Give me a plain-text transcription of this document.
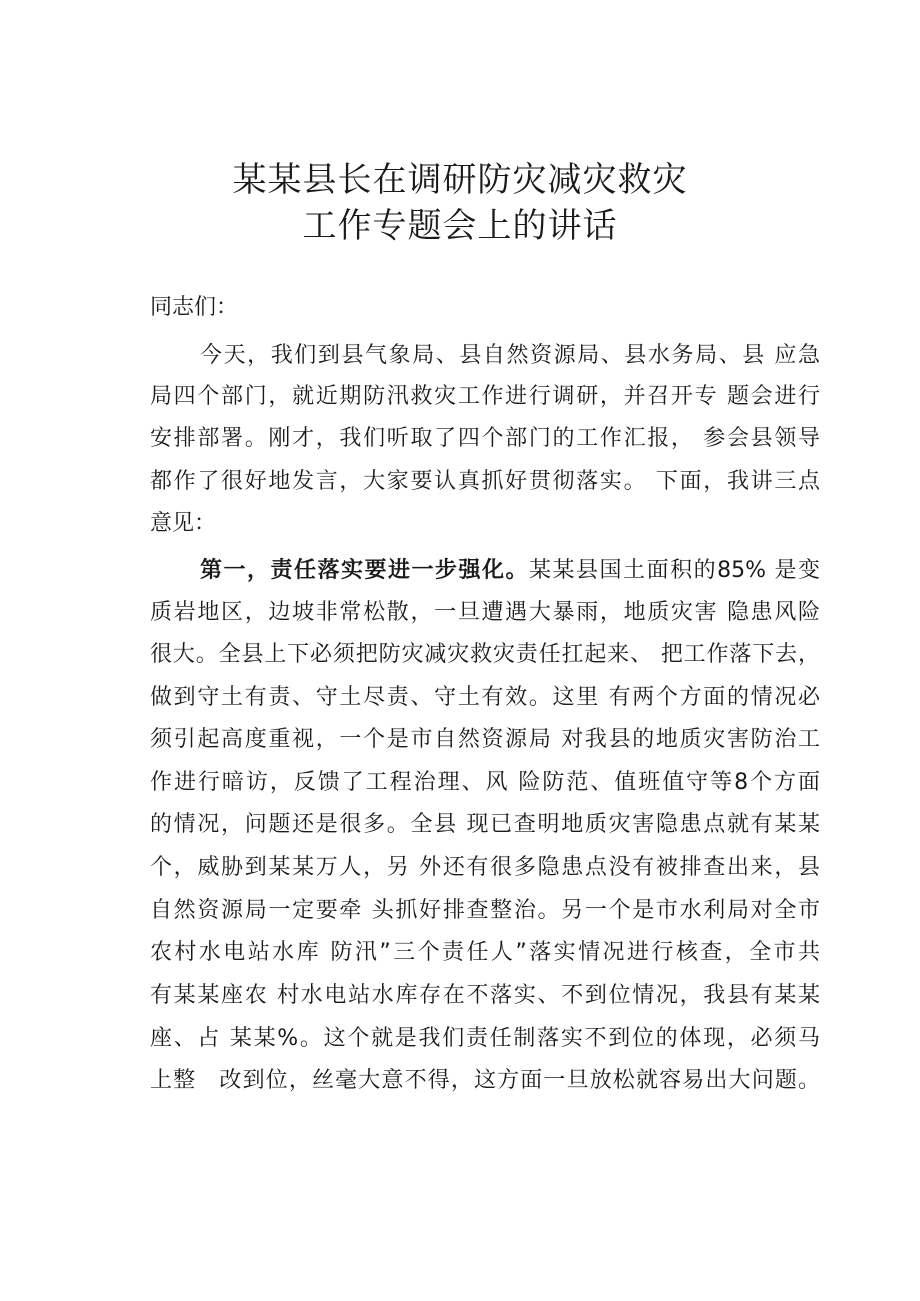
某某县长在调研防灾减灾救灾
工作专题会上的讲话
同志们：
今天，我们到县气象局、县自然资源局、县水务局、县 应急
局四个部门，就近期防汛救灾工作进行调研，并召开专 题会进行
安排部署。刚才，我们听取了四个部门的工作汇报， 参会县领导
都作了很好地发言，大家要认真抓好贯彻落实。 下面，我讲三点
意见：
第一，责任落实要进一步强化。某某县国土面积的85% 是变
质岩地区，边坡非常松散，一旦遭遇大暴雨，地质灾害 隐患风险
很大。全县上下必须把防灾减灾救灾责任扛起来、 把工作落下去，
做到守土有责、守土尽责、守土有效。这里 有两个方面的情况必
须引起高度重视，一个是市自然资源局 对我县的地质灾害防治工
作进行暗访，反馈了工程治理、风 险防范、值班值守等8个方面
的情况，问题还是很多。全县 现已查明地质灾害隐患点就有某某
个，威胁到某某万人，另 外还有很多隐患点没有被排查出来，县
自然资源局一定要牵 头抓好排查整治。另一个是市水利局对全市
农村水电站水库 防汛”三个责任人”落实情况进行核查，全市共
有某某座农 村水电站水库存在不落实、不到位情况，我县有某某
座、占 某某%。这个就是我们责任制落实不到位的体现，必须马
上整　改到位，丝毫大意不得，这方面一旦放松就容易出大问题。
